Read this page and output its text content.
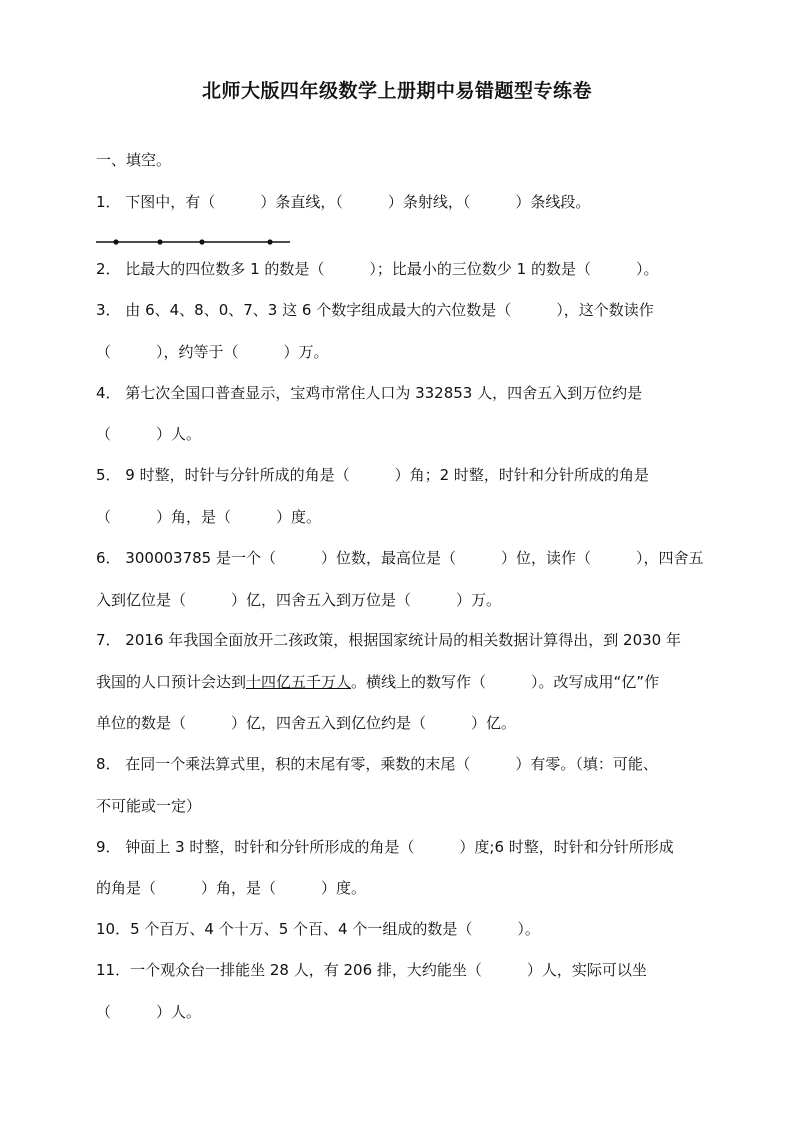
北师大版四年级数学上册期中易错题型专练卷
一、填空。
1． 下图中，有（　　　）条直线，（　　　）条射线，（　　　）条线段。
2． 比最大的四位数多 1 的数是（　　　）；比最小的三位数少 1 的数是（　　　）。
3． 由 6、4、8、0、7、3 这 6 个数字组成最大的六位数是（　　　），这个数读作
（　　　），约等于（　　　）万。
4． 第七次全国口普查显示，宝鸡市常住人口为 332853 人，四舍五入到万位约是
（　　　）人。
5． 9 时整，时针与分针所成的角是（　　　）角；2 时整，时针和分针所成的角是
（　　　）角，是（　　　）度。
6． 300003785 是一个（　　　）位数，最高位是（　　　）位，读作（　　　），四舍五
入到亿位是（　　　）亿，四舍五入到万位是（　　　）万。
7． 2016 年我国全面放开二孩政策，根据国家统计局的相关数据计算得出，到 2030 年
我国的人口预计会达到十四亿五千万人。横线上的数写作（　　　）。改写成用“亿”作
单位的数是（　　　）亿，四舍五入到亿位约是（　　　）亿。
8． 在同一个乘法算式里，积的末尾有零，乘数的末尾（　　　）有零。（填：可能、
不可能或一定）
9． 钟面上 3 时整，时针和分针所形成的角是（　　　）度;6 时整，时针和分针所形成
的角是（　　　）角，是（　　　）度。
10．5 个百万、4 个十万、5 个百、4 个一组成的数是（　　　）。
11．一个观众台一排能坐 28 人，有 206 排，大约能坐（　　　）人，实际可以坐
（　　　）人。
